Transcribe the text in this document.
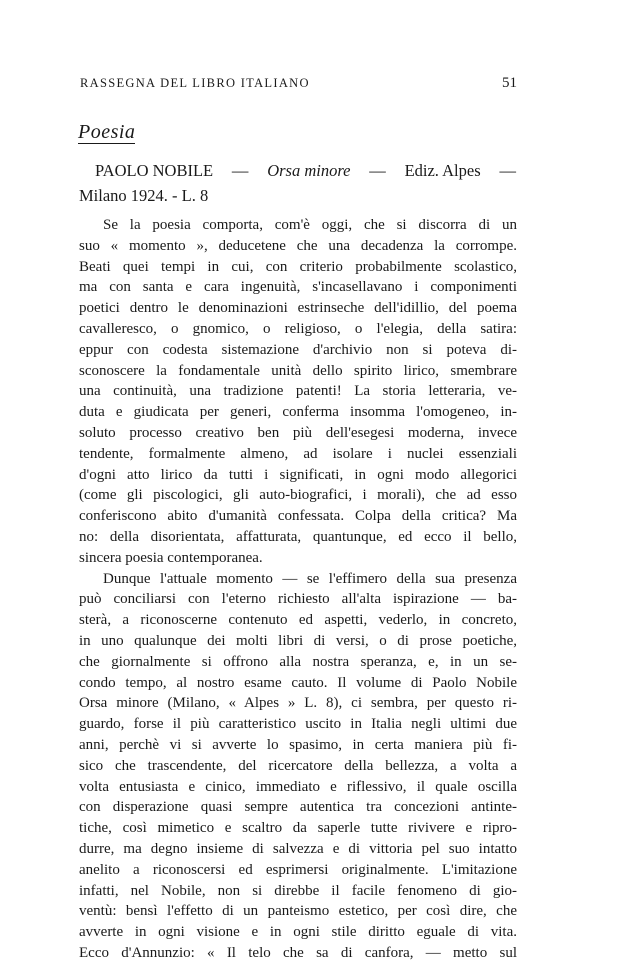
RASSEGNA DEL LIBRO ITALIANO	51
Poesia
PAOLO NOBILE — Orsa minore — Ediz. Alpes —
Milano 1924. - L. 8

Se la poesia comporta, com'è oggi, che si discorra di un
suo « momento », deducetene che una decadenza la corrompe.
Beati quei tempi in cui, con criterio probabilmente scolastico,
ma con santa e cara ingenuità, s'incasellavano i componimenti
poetici dentro le denominazioni estrinseche dell'idillio, del poema
cavalleresco, o gnomico, o religioso, o l'elegia, della satira:
eppur con codesta sistemazione d'archivio non si poteva di-
sconoscere la fondamentale unità dello spirito lirico, smembrare
una continuità, una tradizione patenti! La storia letteraria, ve-
duta e giudicata per generi, conferma insomma l'omogeneo, in-
soluto processo creativo ben più dell'esegesi moderna, invece
tendente, formalmente almeno, ad isolare i nuclei essenziali
d'ogni atto lirico da tutti i significati, in ogni modo allegorici
(come gli piscologici, gli auto-biografici, i morali), che ad esso
conferiscono abito d'umanità confessata. Colpa della critica? Ma
no: della disorientata, affatturata, quantunque, ed ecco il bello,
sincera poesia contemporanea.

Dunque l'attuale momento — se l'effimero della sua presenza
può conciliarsi con l'eterno richiesto all'alta ispirazione — ba-
sterà, a riconoscerne contenuto ed aspetti, vederlo, in concreto,
in uno qualunque dei molti libri di versi, o di prose poetiche,
che giornalmente si offrono alla nostra speranza, e, in un se-
condo tempo, al nostro esame cauto. Il volume di Paolo Nobile
Orsa minore (Milano, « Alpes » L. 8), ci sembra, per questo ri-
guardo, forse il più caratteristico uscito in Italia negli ultimi due
anni, perchè vi si avverte lo spasimo, in certa maniera più fi-
sico che trascendente, del ricercatore della bellezza, a volta a
volta entusiasta e cinico, immediato e riflessivo, il quale oscilla
con disperazione quasi sempre autentica tra concezioni antinte-
tiche, così mimetico e scaltro da saperle tutte rivivere e ripro-
durre, ma degno insieme di salvezza e di vittoria pel suo intatto
anelito a riconoscersi ed esprimersi originalmente. L'imitazione
infatti, nel Nobile, non si direbbe il facile fenomeno di gio-
ventù: bensì l'effetto di un panteismo estetico, per così dire, che
avverte in ogni visione e in ogni stile diritto eguale di vita.
Ecco d'Annunzio: « Il telo che sa di canfora, — metto sul
